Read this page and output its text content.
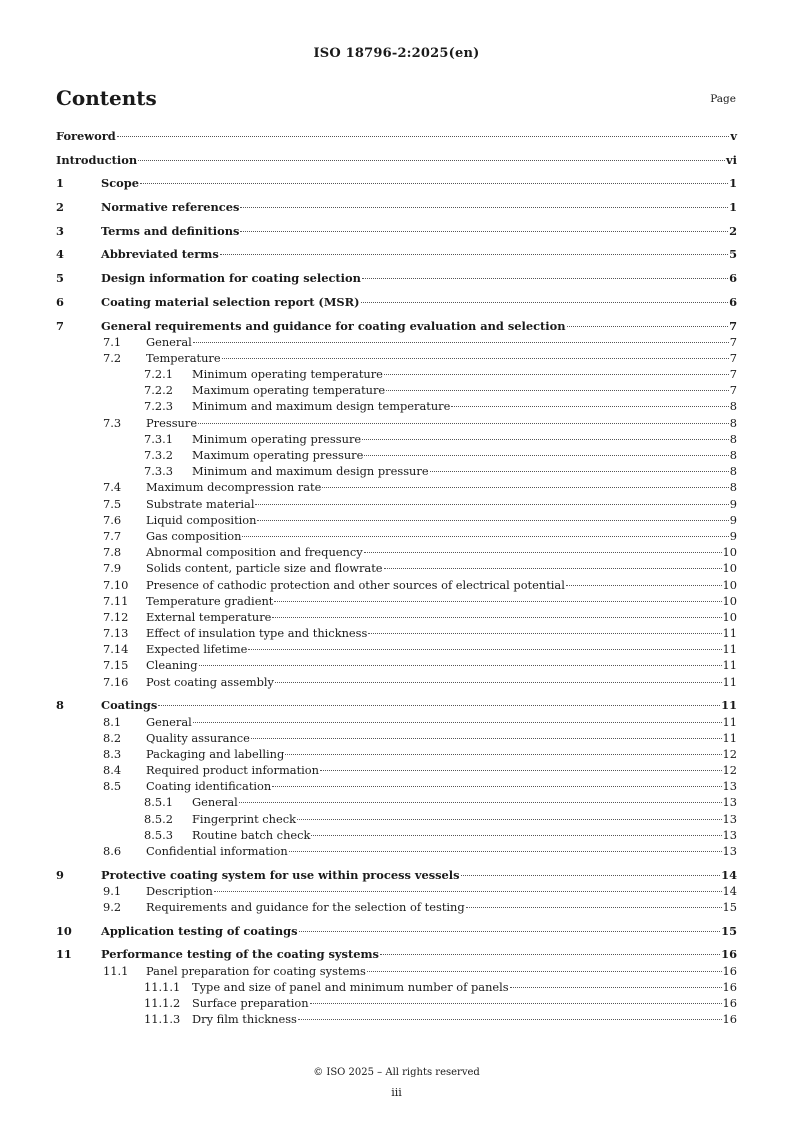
ISO 18796-2:2025(en)
Contents	Page
Foreword	v
Introduction	vi
1	Scope	1
2	Normative references	1
3	Terms and definitions	2
4	Abbreviated terms	5
5	Design information for coating selection	6
6	Coating material selection report (MSR)	6
7	General requirements and guidance for coating evaluation and selection	7
7.1	General	7
7.2	Temperature	7
7.2.1	Minimum operating temperature	7
7.2.2	Maximum operating temperature	7
7.2.3	Minimum and maximum design temperature	8
7.3	Pressure	8
7.3.1	Minimum operating pressure	8
7.3.2	Maximum operating pressure	8
7.3.3	Minimum and maximum design pressure	8
7.4	Maximum decompression rate	8
7.5	Substrate material	9
7.6	Liquid composition	9
7.7	Gas composition	9
7.8	Abnormal composition and frequency	10
7.9	Solids content, particle size and flowrate	10
7.10	Presence of cathodic protection and other sources of electrical potential	10
7.11	Temperature gradient	10
7.12	External temperature	10
7.13	Effect of insulation type and thickness	11
7.14	Expected lifetime	11
7.15	Cleaning	11
7.16	Post coating assembly	11
8	Coatings	11
8.1	General	11
8.2	Quality assurance	11
8.3	Packaging and labelling	12
8.4	Required product information	12
8.5	Coating identification	13
8.5.1	General	13
8.5.2	Fingerprint check	13
8.5.3	Routine batch check	13
8.6	Confidential information	13
9	Protective coating system for use within process vessels	14
9.1	Description	14
9.2	Requirements and guidance for the selection of testing	15
10	Application testing of coatings	15
11	Performance testing of the coating systems	16
11.1	Panel preparation for coating systems	16
11.1.1	Type and size of panel and minimum number of panels	16
11.1.2	Surface preparation	16
11.1.3	Dry film thickness	16
© ISO 2025 – All rights reserved
iii
